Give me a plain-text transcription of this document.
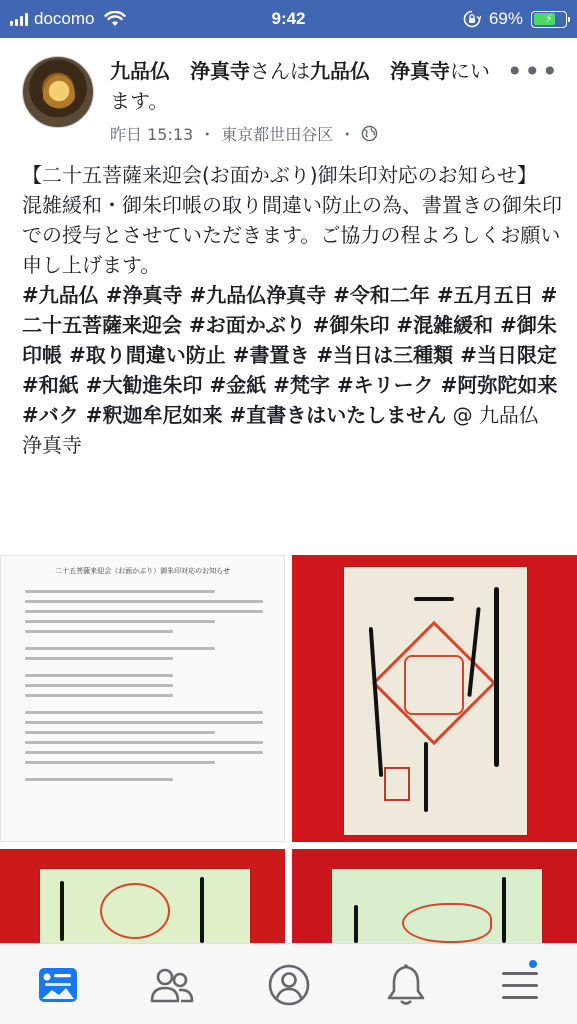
docomo	9:42	69% ⚡
九品仏　浄真寺さんは九品仏　浄真寺にいます。
•••
昨日 15:13 ・ 東京都世田谷区 ・

【二十五菩薩来迎会(お面かぶり)御朱印対応のお知らせ】

混雑緩和・御朱印帳の取り間違い防止の為、書置きの御朱印での授与とさせていただきます。ご協力の程よろしくお願い申し上げます。

#九品仏 #浄真寺 #九品仏浄真寺 #令和二年 #五月五日 #二十五菩薩来迎会 #お面かぶり #御朱印 #混雑緩和 #御朱印帳 #取り間違い防止 #書置き #当日は三種類 #当日限定 #和紙 #大勧進朱印 #金紙 #梵字 #キリーク #阿弥陀如来 #バク #釈迦牟尼如来 #直書きはいたしません @ 九品仏　浄真寺

二十五菩薩来迎会（お面かぶり）御朱印対応のお知らせ
